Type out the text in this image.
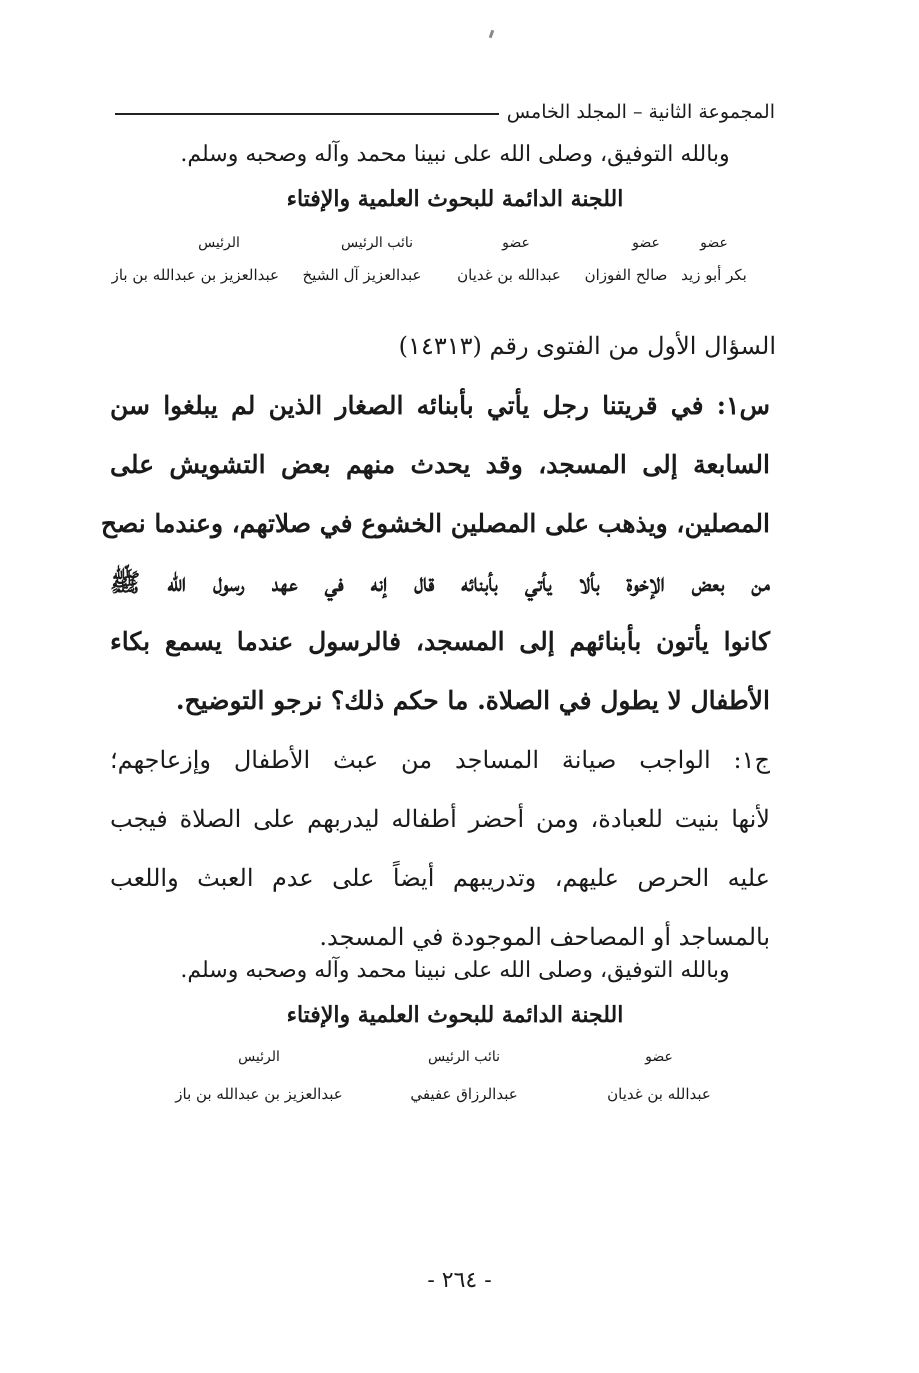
المجموعة الثانية – المجلد الخامس
وبالله التوفيق، وصلى الله على نبينا محمد وآله وصحبه وسلم.
اللجنة الدائمة للبحوث العلمية والإفتاء
عضو
عضو
عضو
نائب الرئيس
الرئيس
بكر أبو زيد
صالح الفوزان
عبدالله بن غديان
عبدالعزيز آل الشيخ
عبدالعزيز بن عبدالله بن باز
السؤال الأول من الفتوى رقم (١٤٣١٣)
س١: في قريتنا رجل يأتي بأبنائه الصغار الذين لم يبلغوا سن
السابعة إلى المسجد، وقد يحدث منهم بعض التشويش على
المصلين، ويذهب على المصلين الخشوع في صلاتهم، وعندما نصح
من بعض الإخوة بألا يأتي بأبنائه قال إنه في عهد رسول الله ﷺ
كانوا يأتون بأبنائهم إلى المسجد، فالرسول عندما يسمع بكاء
الأطفال لا يطول في الصلاة. ما حكم ذلك؟ نرجو التوضيح.
ج١: الواجب صيانة المساجد من عبث الأطفال وإزعاجهم؛
لأنها بنيت للعبادة، ومن أحضر أطفاله ليدربهم على الصلاة فيجب
عليه الحرص عليهم، وتدريبهم أيضاً على عدم العبث واللعب
بالمساجد أو المصاحف الموجودة في المسجد.
وبالله التوفيق، وصلى الله على نبينا محمد وآله وصحبه وسلم.
اللجنة الدائمة للبحوث العلمية والإفتاء
عضو
نائب الرئيس
الرئيس
عبدالله بن غديان
عبدالرزاق عفيفي
عبدالعزيز بن عبدالله بن باز
- ٢٦٤ -
